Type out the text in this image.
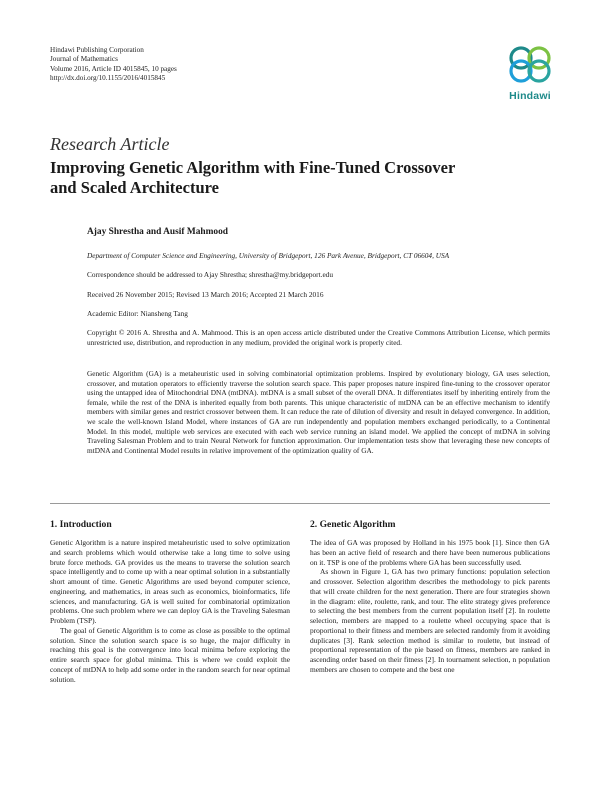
Hindawi Publishing Corporation
Journal of Mathematics
Volume 2016, Article ID 4015845, 10 pages
http://dx.doi.org/10.1155/2016/4015845
Hindawi
Research Article
Improving Genetic Algorithm with Fine-Tuned Crossover and Scaled Architecture
Ajay Shrestha and Ausif Mahmood
Department of Computer Science and Engineering, University of Bridgeport, 126 Park Avenue, Bridgeport, CT 06604, USA
Correspondence should be addressed to Ajay Shrestha; shrestha@my.bridgeport.edu
Received 26 November 2015; Revised 13 March 2016; Accepted 21 March 2016
Academic Editor: Niansheng Tang
Copyright © 2016 A. Shrestha and A. Mahmood. This is an open access article distributed under the Creative Commons Attribution License, which permits unrestricted use, distribution, and reproduction in any medium, provided the original work is properly cited.
Genetic Algorithm (GA) is a metaheuristic used in solving combinatorial optimization problems. Inspired by evolutionary biology, GA uses selection, crossover, and mutation operators to efficiently traverse the solution search space. This paper proposes nature inspired fine-tuning to the crossover operator using the untapped idea of Mitochondrial DNA (mtDNA). mtDNA is a small subset of the overall DNA. It differentiates itself by inheriting entirely from the female, while the rest of the DNA is inherited equally from both parents. This unique characteristic of mtDNA can be an effective mechanism to identify members with similar genes and restrict crossover between them. It can reduce the rate of dilution of diversity and result in delayed convergence. In addition, we scale the well-known Island Model, where instances of GA are run independently and population members exchanged periodically, to a Continental Model. In this model, multiple web services are executed with each web service running an island model. We applied the concept of mtDNA in solving Traveling Salesman Problem and to train Neural Network for function approximation. Our implementation tests show that leveraging these new concepts of mtDNA and Continental Model results in relative improvement of the optimization quality of GA.
1. Introduction

Genetic Algorithm is a nature inspired metaheuristic used to solve optimization and search problems which would otherwise take a long time to solve using brute force methods. GA provides us the means to traverse the solution search space intelligently and to come up with a near optimal solution in a substantially short amount of time. Genetic Algorithms are used beyond computer science, engineering, and mathematics, in areas such as economics, bioinformatics, life sciences, and manufacturing. GA is well suited for combinatorial optimization problems. One such problem where we can deploy GA is the Traveling Salesman Problem (TSP).

The goal of Genetic Algorithm is to come as close as possible to the optimal solution. Since the solution search space is so huge, the major difficulty in reaching this goal is the convergence into local minima before exploring the entire search space for global minima. This is where we could exploit the concept of mtDNA to help add some order in the random search for near optimal solution.

2. Genetic Algorithm

The idea of GA was proposed by Holland in his 1975 book [1]. Since then GA has been an active field of research and there have been numerous publications on it. TSP is one of the problems where GA has been successfully used.

As shown in Figure 1, GA has two primary functions: population selection and crossover. Selection algorithm describes the methodology to pick parents that will create children for the next generation. There are four strategies shown in the diagram: elite, roulette, rank, and tour. The elite strategy gives preference to selecting the best members from the current population itself [2]. In roulette selection, members are mapped to a roulette wheel occupying space that is proportional to their fitness and members are selected randomly from it avoiding duplicates [3]. Rank selection method is similar to roulette, but instead of proportional representation of the pie based on fitness, members are ranked in ascending order based on their fitness [2]. In tournament selection, n population members are chosen to compete and the best one
